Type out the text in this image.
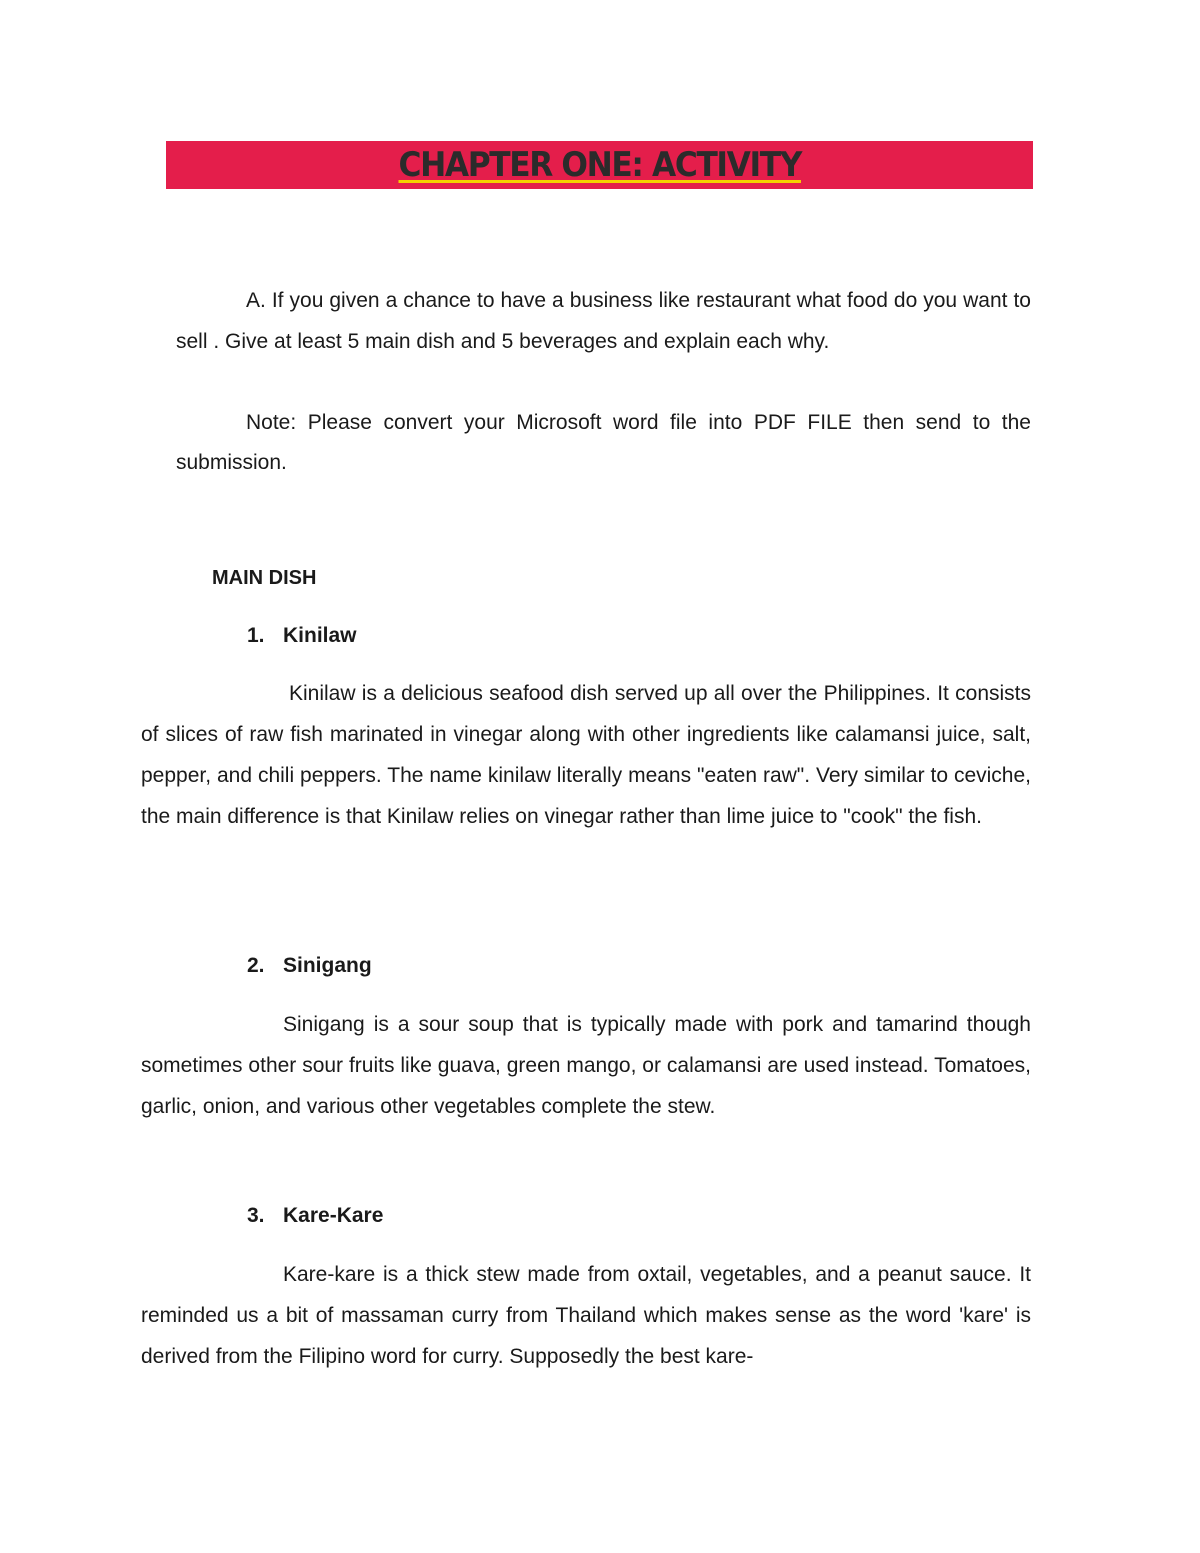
CHAPTER ONE: ACTIVITY

A. If you given a chance to have a business like restaurant what food do you want to sell . Give at least 5 main dish and 5 beverages and explain each why.

Note: Please convert your Microsoft word file into PDF FILE then send to the submission.

MAIN DISH
1. Kinilaw

Kinilaw is a delicious seafood dish served up all over the Philippines. It consists of slices of raw fish marinated in vinegar along with other ingredients like calamansi juice, salt, pepper, and chili peppers. The name kinilaw literally means "eaten raw". Very similar to ceviche, the main difference is that Kinilaw relies on vinegar rather than lime juice to "cook" the fish.

2. Sinigang

Sinigang is a sour soup that is typically made with pork and tamarind though sometimes other sour fruits like guava, green mango, or calamansi are used instead. Tomatoes, garlic, onion, and various other vegetables complete the stew.

3. Kare-Kare

Kare-kare is a thick stew made from oxtail, vegetables, and a peanut sauce. It reminded us a bit of massaman curry from Thailand which makes sense as the word 'kare' is derived from the Filipino word for curry. Supposedly the best kare-
